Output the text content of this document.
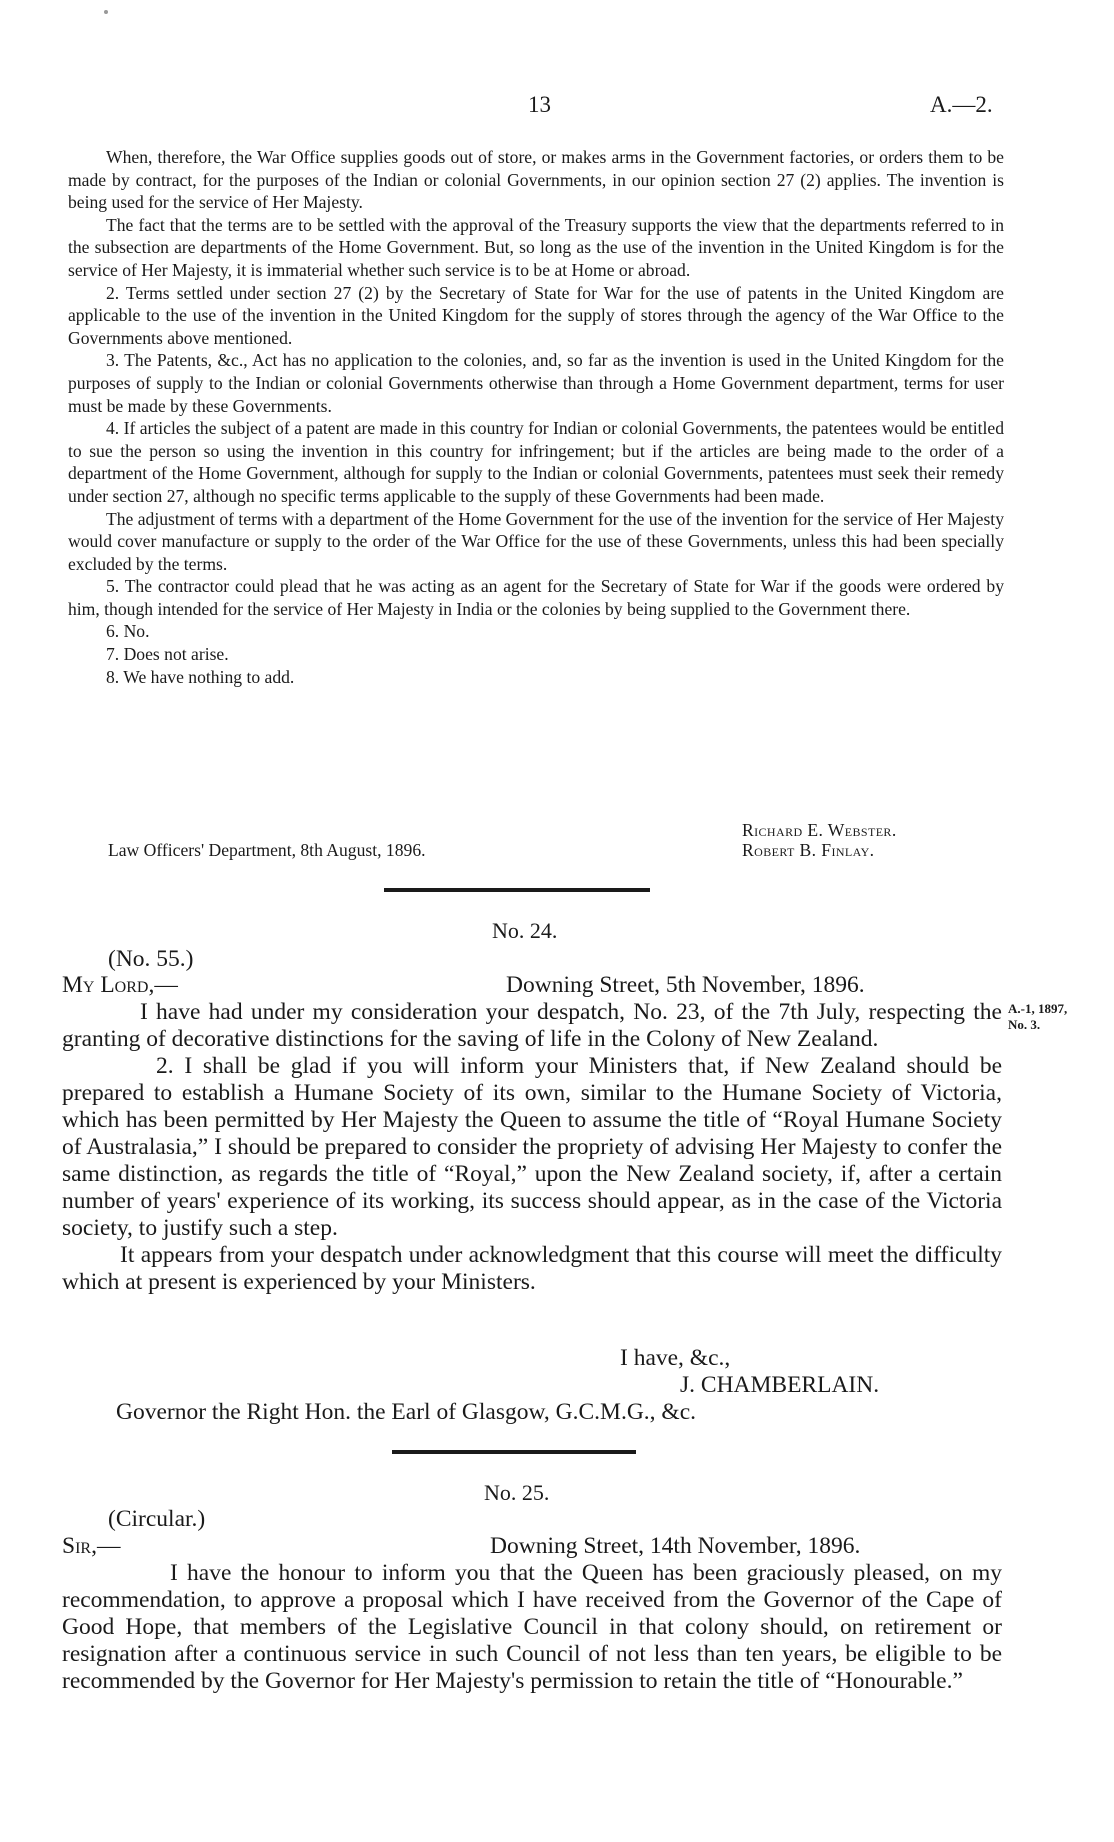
13	A.—2.

When, therefore, the War Office supplies goods out of store, or makes arms in the Government factories, or orders them to be made by contract, for the purposes of the Indian or colonial Governments, in our opinion section 27 (2) applies. The invention is being used for the service of Her Majesty.

The fact that the terms are to be settled with the approval of the Treasury supports the view that the departments referred to in the subsection are departments of the Home Government. But, so long as the use of the invention in the United Kingdom is for the service of Her Majesty, it is immaterial whether such service is to be at Home or abroad.

2. Terms settled under section 27 (2) by the Secretary of State for War for the use of patents in the United Kingdom are applicable to the use of the invention in the United Kingdom for the supply of stores through the agency of the War Office to the Governments above mentioned.

3. The Patents, &c., Act has no application to the colonies, and, so far as the invention is used in the United Kingdom for the purposes of supply to the Indian or colonial Governments otherwise than through a Home Government department, terms for user must be made by these Governments.

4. If articles the subject of a patent are made in this country for Indian or colonial Governments, the patentees would be entitled to sue the person so using the invention in this country for infringement; but if the articles are being made to the order of a department of the Home Government, although for supply to the Indian or colonial Governments, patentees must seek their remedy under section 27, although no specific terms applicable to the supply of these Governments had been made.

The adjustment of terms with a department of the Home Government for the use of the invention for the service of Her Majesty would cover manufacture or supply to the order of the War Office for the use of these Governments, unless this had been specially excluded by the terms.

5. The contractor could plead that he was acting as an agent for the Secretary of State for War if the goods were ordered by him, though intended for the service of Her Majesty in India or the colonies by being supplied to the Government there.

6. No.

7. Does not arise.

8. We have nothing to add.

Law Officers' Department, 8th August, 1896.
Richard E. Webster.
Robert B. Finlay.
No. 24.
(No. 55.)
My Lord,—	Downing Street, 5th November, 1896.
A.-1, 1897,
No. 3.

I have had under my consideration your despatch, No. 23, of the 7th July, respecting the granting of decorative distinctions for the saving of life in the Colony of New Zealand.

2. I shall be glad if you will inform your Ministers that, if New Zealand should be prepared to establish a Humane Society of its own, similar to the Humane Society of Victoria, which has been permitted by Her Majesty the Queen to assume the title of “Royal Humane Society of Australasia,” I should be prepared to consider the propriety of advising Her Majesty to confer the same distinction, as regards the title of “Royal,” upon the New Zealand society, if, after a certain number of years' experience of its working, its success should appear, as in the case of the Victoria society, to justify such a step.

It appears from your despatch under acknowledgment that this course will meet the difficulty which at present is experienced by your Ministers.

I have, &c.,
J. CHAMBERLAIN.
Governor the Right Hon. the Earl of Glasgow, G.C.M.G., &c.
No. 25.
(Circular.)
Sir,—	Downing Street, 14th November, 1896.

I have the honour to inform you that the Queen has been graciously pleased, on my recommendation, to approve a proposal which I have received from the Governor of the Cape of Good Hope, that members of the Legislative Council in that colony should, on retirement or resignation after a continuous service in such Council of not less than ten years, be eligible to be recommended by the Governor for Her Majesty's permission to retain the title of “Honourable.”
